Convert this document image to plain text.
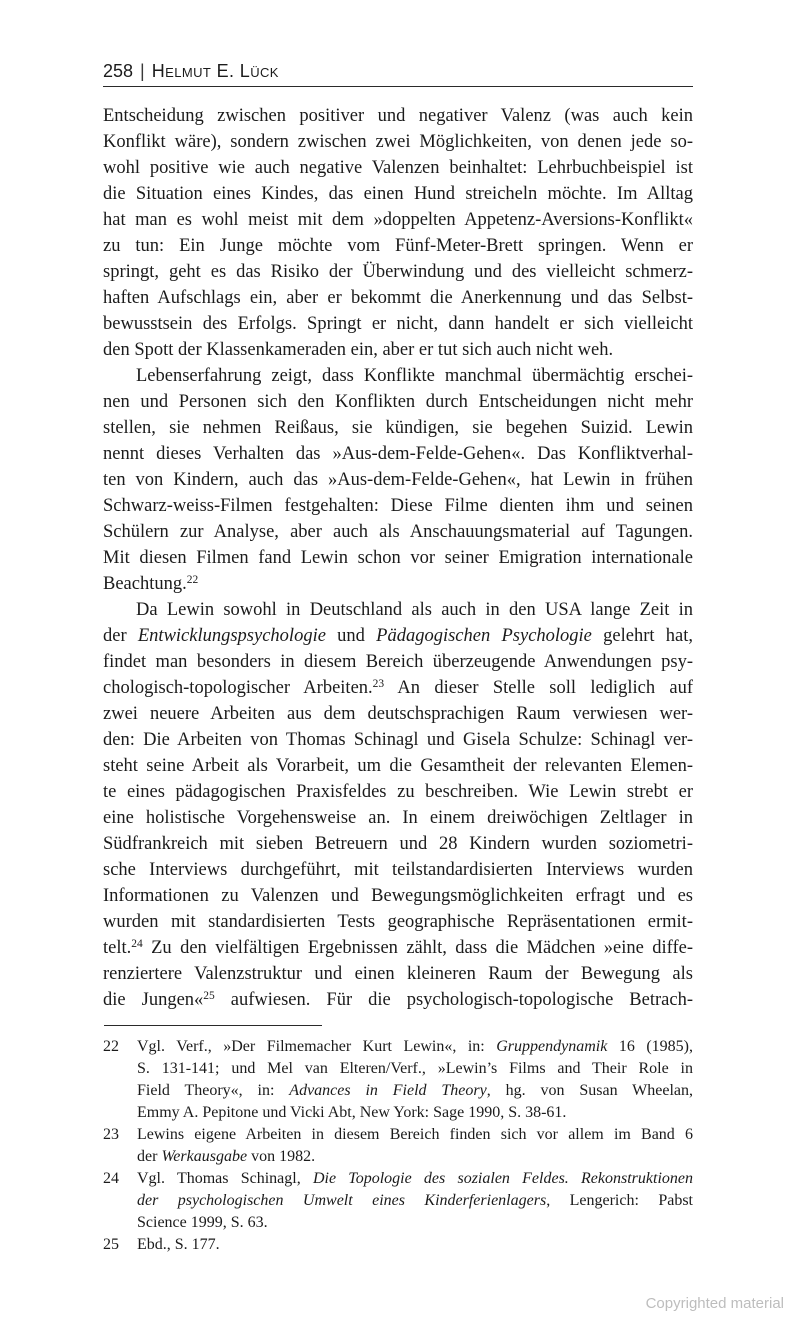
258 | Helmut E. Lück
Entscheidung zwischen positiver und negativer Valenz (was auch kein
Konflikt wäre), sondern zwischen zwei Möglichkeiten, von denen jede so-
wohl positive wie auch negative Valenzen beinhaltet: Lehrbuchbeispiel ist
die Situation eines Kindes, das einen Hund streicheln möchte. Im Alltag
hat man es wohl meist mit dem »doppelten Appetenz-Aversions-Konflikt«
zu tun: Ein Junge möchte vom Fünf-Meter-Brett springen. Wenn er
springt, geht es das Risiko der Überwindung und des vielleicht schmerz-
haften Aufschlags ein, aber er bekommt die Anerkennung und das Selbst-
bewusstsein des Erfolgs. Springt er nicht, dann handelt er sich vielleicht
den Spott der Klassenkameraden ein, aber er tut sich auch nicht weh.
Lebenserfahrung zeigt, dass Konflikte manchmal übermächtig erschei-
nen und Personen sich den Konflikten durch Entscheidungen nicht mehr
stellen, sie nehmen Reißaus, sie kündigen, sie begehen Suizid. Lewin
nennt dieses Verhalten das »Aus-dem-Felde-Gehen«. Das Konfliktverhal-
ten von Kindern, auch das »Aus-dem-Felde-Gehen«, hat Lewin in frühen
Schwarz-weiss-Filmen festgehalten: Diese Filme dienten ihm und seinen
Schülern zur Analyse, aber auch als Anschauungsmaterial auf Tagungen.
Mit diesen Filmen fand Lewin schon vor seiner Emigration internationale
Beachtung.$^{22}$
Da Lewin sowohl in Deutschland als auch in den USA lange Zeit in
der Entwicklungspsychologie und Pädagogischen Psychologie gelehrt hat,
findet man besonders in diesem Bereich überzeugende Anwendungen psy-
chologisch-topologischer Arbeiten.$^{23}$ An dieser Stelle soll lediglich auf
zwei neuere Arbeiten aus dem deutschsprachigen Raum verwiesen wer-
den: Die Arbeiten von Thomas Schinagl und Gisela Schulze: Schinagl ver-
steht seine Arbeit als Vorarbeit, um die Gesamtheit der relevanten Elemen-
te eines pädagogischen Praxisfeldes zu beschreiben. Wie Lewin strebt er
eine holistische Vorgehensweise an. In einem dreiwöchigen Zeltlager in
Südfrankreich mit sieben Betreuern und 28 Kindern wurden soziometri-
sche Interviews durchgeführt, mit teilstandardisierten Interviews wurden
Informationen zu Valenzen und Bewegungsmöglichkeiten erfragt und es
wurden mit standardisierten Tests geographische Repräsentationen ermit-
telt.$^{24}$ Zu den vielfältigen Ergebnissen zählt, dass die Mädchen »eine diffe-
renziertere Valenzstruktur und einen kleineren Raum der Bewegung als
die Jungen«$^{25}$ aufwiesen. Für die psychologisch-topologische Betrach-
22	Vgl. Verf., »Der Filmemacher Kurt Lewin«, in: Gruppendynamik 16 (1985),
S. 131-141; und Mel van Elteren/Verf., »Lewin’s Films and Their Role in
Field Theory«, in: Advances in Field Theory, hg. von Susan Wheelan,
Emmy A. Pepitone und Vicki Abt, New York: Sage 1990, S. 38-61.
23	Lewins eigene Arbeiten in diesem Bereich finden sich vor allem im Band 6
der Werkausgabe von 1982.
24	Vgl. Thomas Schinagl, Die Topologie des sozialen Feldes. Rekonstruktionen
der psychologischen Umwelt eines Kinderferienlagers, Lengerich: Pabst
Science 1999, S. 63.
25	Ebd., S. 177.
Copyrighted material
